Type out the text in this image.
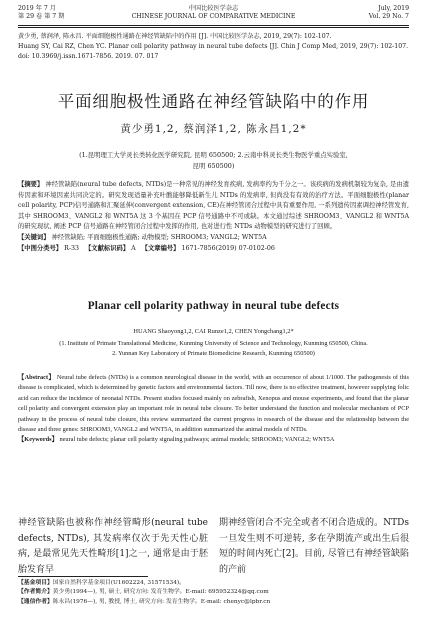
2019 年 7 月
第 29 卷 第 7 期
中国比较医学杂志
CHINESE JOURNAL OF COMPARATIVE MEDICINE
July, 2019
Vol. 29 No. 7
黄少勇, 蔡润泽, 陈永昌. 平面细胞极性通路在神经管缺陷中的作用 [J]. 中国比较医学杂志, 2019, 29(7): 102-107.
Huang SY, Cai RZ, Chen YC. Planar cell polarity pathway in neural tube defects [J]. Chin J Comp Med, 2019, 29(7): 102-107.
doi: 10.3969/j.issn.1671-7856. 2019. 07. 017
平面细胞极性通路在神经管缺陷中的作用
黄少勇1,2, 蔡润泽1,2, 陈永昌1,2*
(1.昆明理工大学灵长类转化医学研究院, 昆明 650500; 2.云南中科灵长类生物医学重点实验室,
昆明 650500)

【摘要】 神经管缺陷(neural tube defects, NTDs)是一种常见的神经发育疾病, 发病率约为千分之一。该疾病的发病机制较为复杂, 是由遗传因素和环境因素共同决定的。研究发现适量补充叶酸能够降低新生儿 NTDs 的发病率, 但尚没有有效的治疗方法。平面细胞极性(planar cell polarity, PCP)信号通路和汇聚延伸(convergent extension, CE)在神经管闭合过程中具有重要作用, 一系列遗传因素调控神经管发育, 其中 SHROOM3、VANGL2 和 WNT5A 这 3 个基因在 PCP 信号通路中不可或缺。本文通过综述 SHROOM3、VANGL2 和 WNT5A 的研究现状, 阐述 PCP 信号通路在神经管闭合过程中发挥的作用, 也对进行性 NTDs 动物模型的研究进行了回顾。

【关键词】 神经管缺陷; 平面细胞极性通路; 动物模型; SHROOM3; VANGL2; WNT5A

【中图分类号】 R-33 【文献标识码】 A 【文章编号】 1671-7856(2019) 07-0102-06

Planar cell polarity pathway in neural tube defects
HUANG Shaoyong1,2, CAI Runze1,2, CHEN Yongchang1,2*
(1. Institute of Primate Translational Medicine, Kunming University of Science and Technology, Kunming 650500, China.
2. Yunnan Key Laboratory of Primate Biomedicine Research, Kunming 650500)

【Abstract】 Neural tube defects (NTDs) is a common neurological disease in the world, with an occurrence of about 1/1000. The pathogenesis of this disease is complicated, which is determined by genetic factors and environmental factors. Till now, there is no effective treatment, however supplying folic acid can reduce the incidence of neonatal NTDs. Present studies focused mainly on zebrafish, Xenopus and mouse experiments, and found that the planar cell polarity and convergent extension play an important role in neural tube closure. To better understand the function and molecular mechanism of PCP pathway in the process of neural tube closure, this review summarized the current progress in research of the disease and the relationship between the disease and three genes: SHROOM3, VANGL2 and WNT5A, in addition summarized the animal models of NTDs.

【Keywords】 neural tube defects; planar cell polarity signaling pathways; animal models; SHROOM3; VANGL2; WNT5A

神经管缺陷也被称作神经管畸形(neural tube defects, NTDs), 其发病率仅次于先天性心脏病, 是最常见先天性畸形[1]之一, 通常是由于胚胎发育早
期神经管闭合不完全或者不闭合造成的。NTDs 一旦发生则不可逆转, 多在孕期流产或出生后很短的时间内死亡[2]。目前, 尽管已有神经管缺陷的产前
【基金项目】国家自然科学基金项目(U1602224, 31571534)。
【作者简介】黄少勇(1994—), 男, 硕士, 研究方向: 发育生物学。E-mail: 695952324@qq.com
【通信作者】陈永昌(1976—), 男, 教授, 博士, 研究方向: 发育生物学。E-mail: chenyc@lpbr.cn
